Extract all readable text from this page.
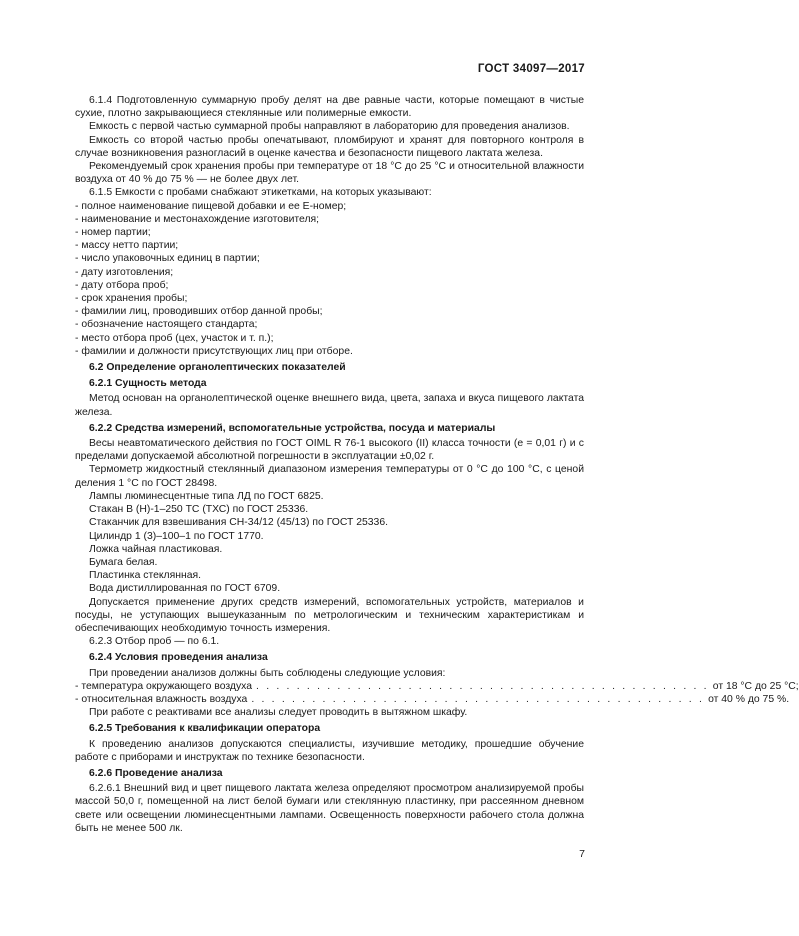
ГОСТ 34097—2017

6.1.4 Подготовленную суммарную пробу делят на две равные части, которые помещают в чистые сухие, плотно закрывающиеся стеклянные или полимерные емкости.

Емкость с первой частью суммарной пробы направляют в лабораторию для проведения анализов.

Емкость со второй частью пробы опечатывают, пломбируют и хранят для повторного контроля в случае возникновения разногласий в оценке качества и безопасности пищевого лактата железа.

Рекомендуемый срок хранения пробы при температуре от 18 °С до 25 °С и относительной влажности воздуха от 40 % до 75 % — не более двух лет.

6.1.5 Емкости с пробами снабжают этикетками, на которых указывают:

- полное наименование пищевой добавки и ее Е-номер;

- наименование и местонахождение изготовителя;

- номер партии;

- массу нетто партии;

- число упаковочных единиц в партии;

- дату изготовления;

- дату отбора проб;

- срок хранения пробы;

- фамилии лиц, проводивших отбор данной пробы;

- обозначение настоящего стандарта;

- место отбора проб (цех, участок и т. п.);

- фамилии и должности присутствующих лиц при отборе.

6.2 Определение органолептических показателей

6.2.1 Сущность метода

Метод основан на органолептической оценке внешнего вида, цвета, запаха и вкуса пищевого лактата железа.

6.2.2 Средства измерений, вспомогательные устройства, посуда и материалы

Весы неавтоматического действия по ГОСТ OIML R 76-1 высокого (II) класса точности (е = 0,01 г) и с пределами допускаемой абсолютной погрешности в эксплуатации ±0,02 г.

Термометр жидкостный стеклянный диапазоном измерения температуры от 0 °С до 100 °С, с ценой деления 1 °С по ГОСТ 28498.

Лампы люминесцентные типа ЛД по ГОСТ 6825.

Стакан В (Н)-1–250 ТС (ТХС) по ГОСТ 25336.

Стаканчик для взвешивания СН-34/12 (45/13) по ГОСТ 25336.

Цилиндр 1 (3)–100–1 по ГОСТ 1770.

Ложка чайная пластиковая.

Бумага белая.

Пластинка стеклянная.

Вода дистиллированная по ГОСТ 6709.

Допускается применение других средств измерений, вспомогательных устройств, материалов и посуды, не уступающих вышеуказанным по метрологическим и техническим характеристикам и обеспечивающих необходимую точность измерения.

6.2.3 Отбор проб — по 6.1.

6.2.4 Условия проведения анализа

При проведении анализов должны быть соблюдены следующие условия:

- температура окружающего воздуха . . . . . . . . . . . . . . . . . . . . . . . . . . . . . . . . . . . . . . . . . . . . . от 18 °С до 25 °С;
- относительная влажность воздуха . . . . . . . . . . . . . . . . . . . . . . . . . . . . . . . . . . . . . . . . . . . . . от 40 % до 75 %.

При работе с реактивами все анализы следует проводить в вытяжном шкафу.

6.2.5 Требования к квалификации оператора

К проведению анализов допускаются специалисты, изучившие методику, прошедшие обучение работе с приборами и инструктаж по технике безопасности.

6.2.6 Проведение анализа

6.2.6.1 Внешний вид и цвет пищевого лактата железа определяют просмотром анализируемой пробы массой 50,0 г, помещенной на лист белой бумаги или стеклянную пластинку, при рассеянном дневном свете или освещении люминесцентными лампами. Освещенность поверхности рабочего стола должна быть не менее 500 лк.

7
